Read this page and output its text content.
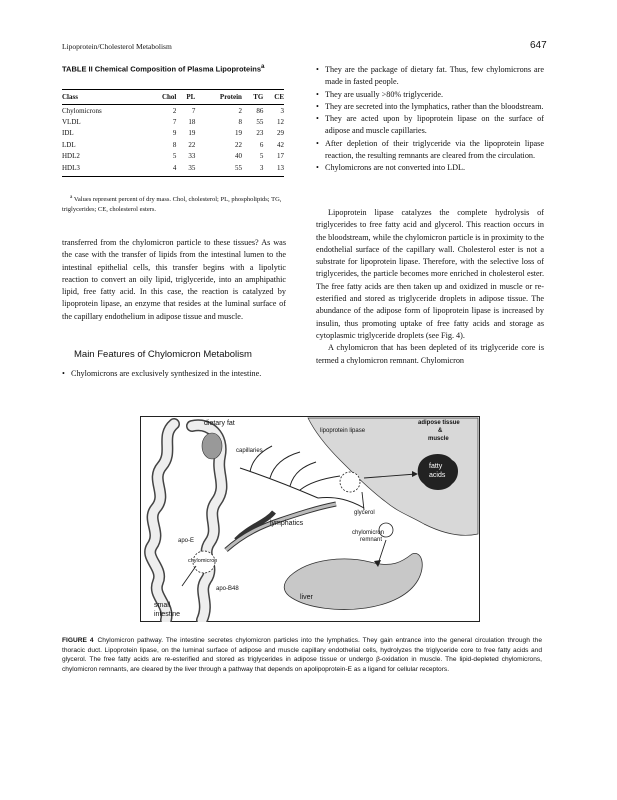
Lipoprotein/Cholesterol Metabolism	647
TABLE II Chemical Composition of Plasma Lipoproteins$^a$
Class	Chol	PL	Protein	TG	CE
Chylomicrons	2	7	2	86	3
VLDL	7	18	8	55	12
IDL	9	19	19	23	29
LDL	8	22	22	6	42
HDL2	5	33	40	5	17
HDL3	4	35	55	3	13
$^a$ Values represent percent of dry mass. Chol, cholesterol; PL, phospholipids; TG, triglycerides; CE, cholesterol esters.
transferred from the chylomicron particle to these tissues? As was the case with the transfer of lipids from the intestinal lumen to the intestinal epithelial cells, this transfer begins with a lipolytic reaction to convert an oily lipid, triglyceride, into an amphipathic lipid, free fatty acid. In this case, the reaction is catalyzed by lipoprotein lipase, an enzyme that resides at the luminal surface of the capillary endothelium in adipose tissue and muscle.
Main Features of Chylomicron Metabolism
• Chylomicrons are exclusively synthesized in the intestine.
• They are the package of dietary fat. Thus, few chylomicrons are made in fasted people.
• They are usually >80% triglyceride.
• They are secreted into the lymphatics, rather than the bloodstream.
• They are acted upon by lipoprotein lipase on the surface of adipose and muscle capillaries.
• After depletion of their triglyceride via the lipoprotein lipase reaction, the resulting remnants are cleared from the circulation.
• Chylomicrons are not converted into LDL.
Lipoprotein lipase catalyzes the complete hydrolysis of triglycerides to free fatty acid and glycerol. This reaction occurs in the bloodstream, while the chylomicron particle is in proximity to the endothelial surface of the capillary wall. Cholesterol ester is not a substrate for lipoprotein lipase. Therefore, with the selective loss of triglycerides, the particle becomes more enriched in cholesterol ester. The free fatty acids are then taken up and oxidized in muscle or re-esterified and stored as triglyceride droplets in adipose tissue. The abundance of the adipose form of lipoprotein lipase is increased by insulin, thus promoting uptake of free fatty acids and storage as cytoplasmic triglyceride droplets (see Fig. 4).
A chylomicron that has been depleted of its triglyceride core is termed a chylomicron remnant. Chylomicron
dietary fat
capillaries
lipoprotein lipase
adipose tissue
&
muscle
fatty
acids
glycerol
lymphatics
apo-E
chylomicron
chylomicron
remnant
apo-B48
liver
small
intestine
FIGURE 4 Chylomicron pathway. The intestine secretes chylomicron particles into the lymphatics. They gain entrance into the general circulation through the thoracic duct. Lipoprotein lipase, on the luminal surface of adipose and muscle capillary endothelial cells, hydrolyzes the triglyceride core to free fatty acids and glycerol. The free fatty acids are re-esterified and stored as triglycerides in adipose tissue or undergo β-oxidation in muscle. The lipid-depleted chylomicrons, chylomicron remnants, are cleared by the liver through a pathway that depends on apolipoprotein-E as a ligand for cellular receptors.
